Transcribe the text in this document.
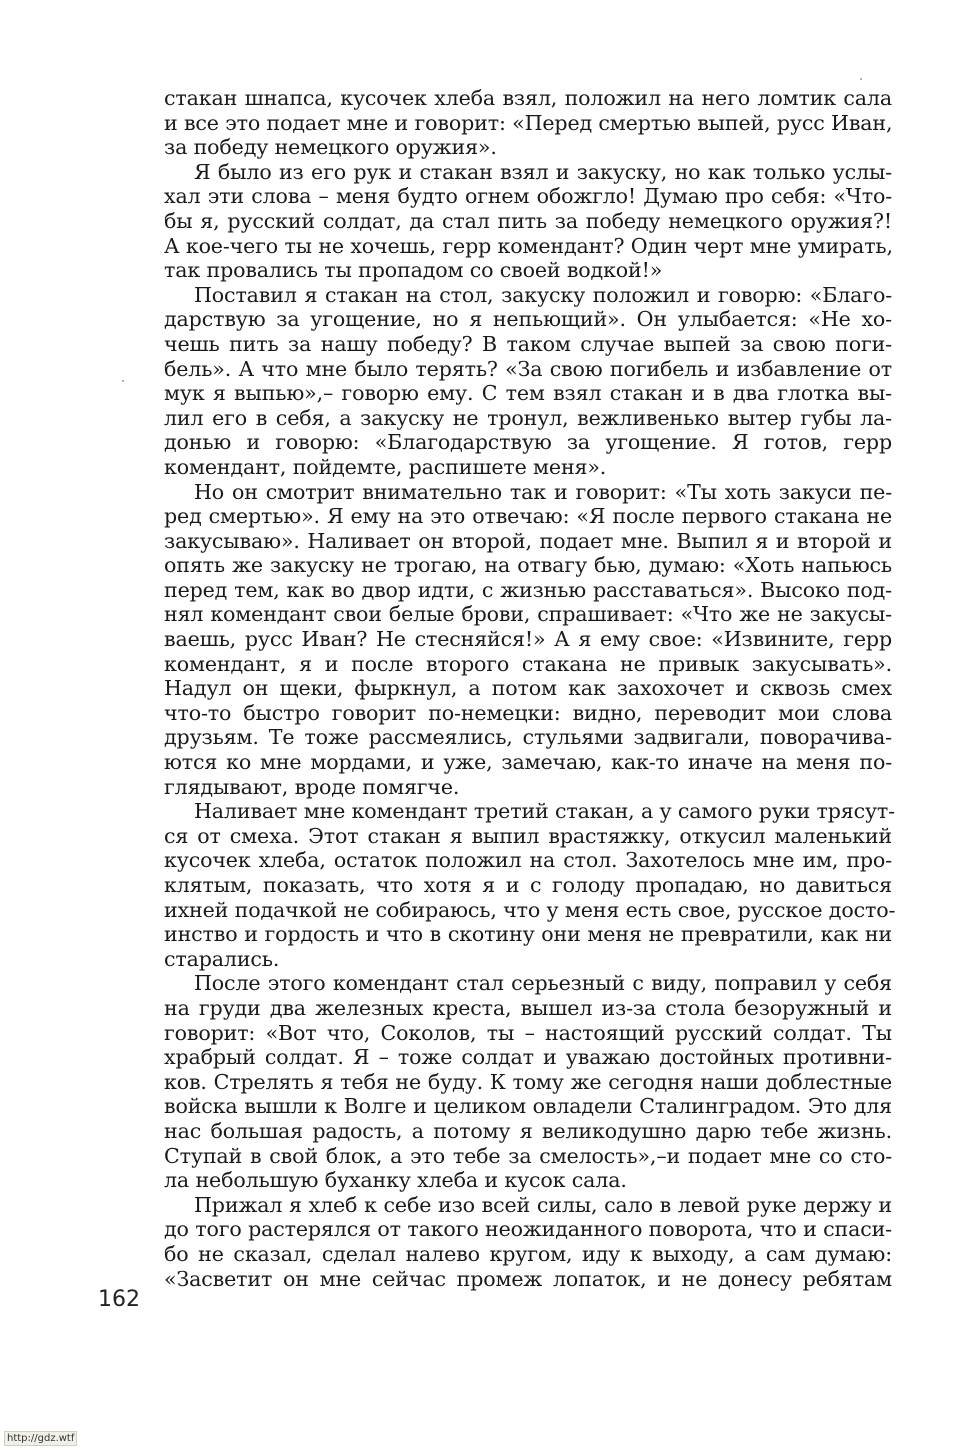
стакан шнапса, кусочек хлеба взял, положил на него ломтик сала
и все это подает мне и говорит: «Перед смертью выпей, русс Иван,
за победу немецкого оружия».
Я было из его рук и стакан взял и закуску, но как только услы-
хал эти слова – меня будто огнем обожгло! Думаю про себя: «Что-
бы я, русский солдат, да стал пить за победу немецкого оружия?!
А кое-чего ты не хочешь, герр комендант? Один черт мне умирать,
так провались ты пропадом со своей водкой!»
Поставил я стакан на стол, закуску положил и говорю: «Благо-
дарствую за угощение, но я непьющий». Он улыбается: «Не хо-
чешь пить за нашу победу? В таком случае выпей за свою поги-
бель». А что мне было терять? «За свою погибель и избавление от
мук я выпью»,– говорю ему. С тем взял стакан и в два глотка вы-
лил его в себя, а закуску не тронул, вежливенько вытер губы ла-
донью и говорю: «Благодарствую за угощение. Я готов, герр
комендант, пойдемте, распишете меня».
Но он смотрит внимательно так и говорит: «Ты хоть закуси пе-
ред смертью». Я ему на это отвечаю: «Я после первого стакана не
закусываю». Наливает он второй, подает мне. Выпил я и второй и
опять же закуску не трогаю, на отвагу бью, думаю: «Хоть напьюсь
перед тем, как во двор идти, с жизнью расставаться». Высоко под-
нял комендант свои белые брови, спрашивает: «Что же не закусы-
ваешь, русс Иван? Не стесняйся!» А я ему свое: «Извините, герр
комендант, я и после второго стакана не привык закусывать».
Надул он щеки, фыркнул, а потом как захохочет и сквозь смех
что-то быстро говорит по-немецки: видно, переводит мои слова
друзьям. Те тоже рассмеялись, стульями задвигали, поворачива-
ются ко мне мордами, и уже, замечаю, как-то иначе на меня по-
глядывают, вроде помягче.
Наливает мне комендант третий стакан, а у самого руки трясут-
ся от смеха. Этот стакан я выпил врастяжку, откусил маленький
кусочек хлеба, остаток положил на стол. Захотелось мне им, про-
клятым, показать, что хотя я и с голоду пропадаю, но давиться
ихней подачкой не собираюсь, что у меня есть свое, русское досто-
инство и гордость и что в скотину они меня не превратили, как ни
старались.
После этого комендант стал серьезный с виду, поправил у себя
на груди два железных креста, вышел из-за стола безоружный и
говорит: «Вот что, Соколов, ты – настоящий русский солдат. Ты
храбрый солдат. Я – тоже солдат и уважаю достойных противни-
ков. Стрелять я тебя не буду. К тому же сегодня наши доблестные
войска вышли к Волге и целиком овладели Сталинградом. Это для
нас большая радость, а потому я великодушно дарю тебе жизнь.
Ступай в свой блок, а это тебе за смелость»,–и подает мне со сто-
ла небольшую буханку хлеба и кусок сала.
Прижал я хлеб к себе изо всей силы, сало в левой руке держу и
до того растерялся от такого неожиданного поворота, что и спаси-
бо не сказал, сделал налево кругом, иду к выходу, а сам думаю:
«Засветит он мне сейчас промеж лопаток, и не донесу ребятам
162
http://gdz.wtf
